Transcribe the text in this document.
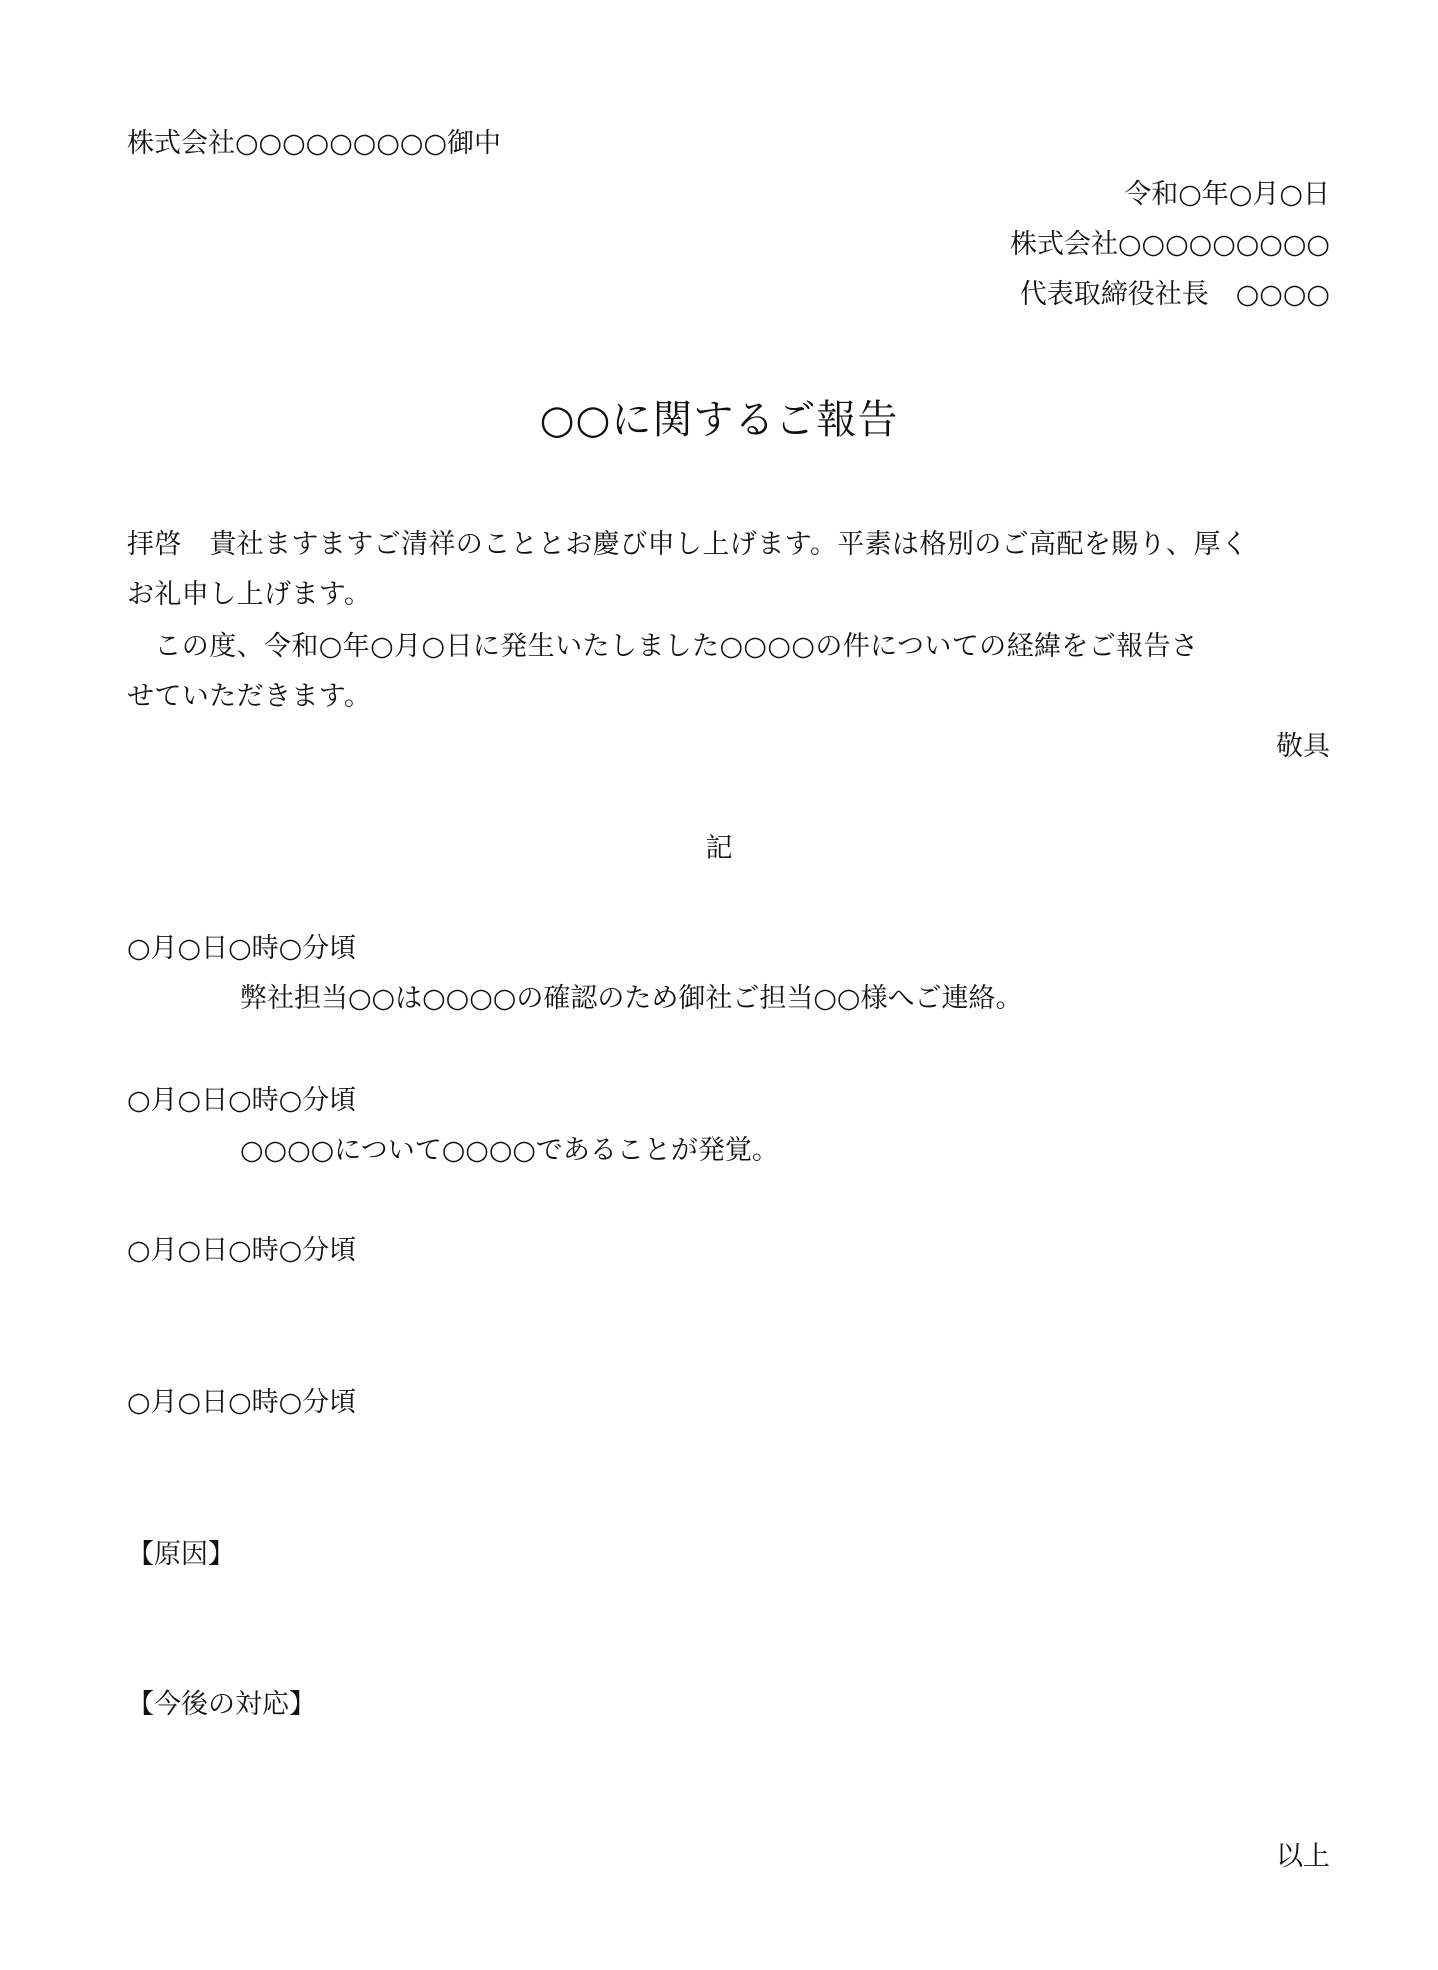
株式会社○○○○○○○○○御中
令和○年○月○日
株式会社○○○○○○○○○
代表取締役社長　○○○○
○○に関するご報告
拝啓　貴社ますますご清祥のこととお慶び申し上げます。平素は格別のご高配を賜り、厚く
お礼申し上げます。
　この度、令和○年○月○日に発生いたしました○○○○の件についての経緯をご報告さ
せていただきます。
敬具
記
○月○日○時○分頃
弊社担当○○は○○○○の確認のため御社ご担当○○様へご連絡。
○月○日○時○分頃
○○○○について○○○○であることが発覚。
○月○日○時○分頃
○月○日○時○分頃
【原因】
【今後の対応】
以上
